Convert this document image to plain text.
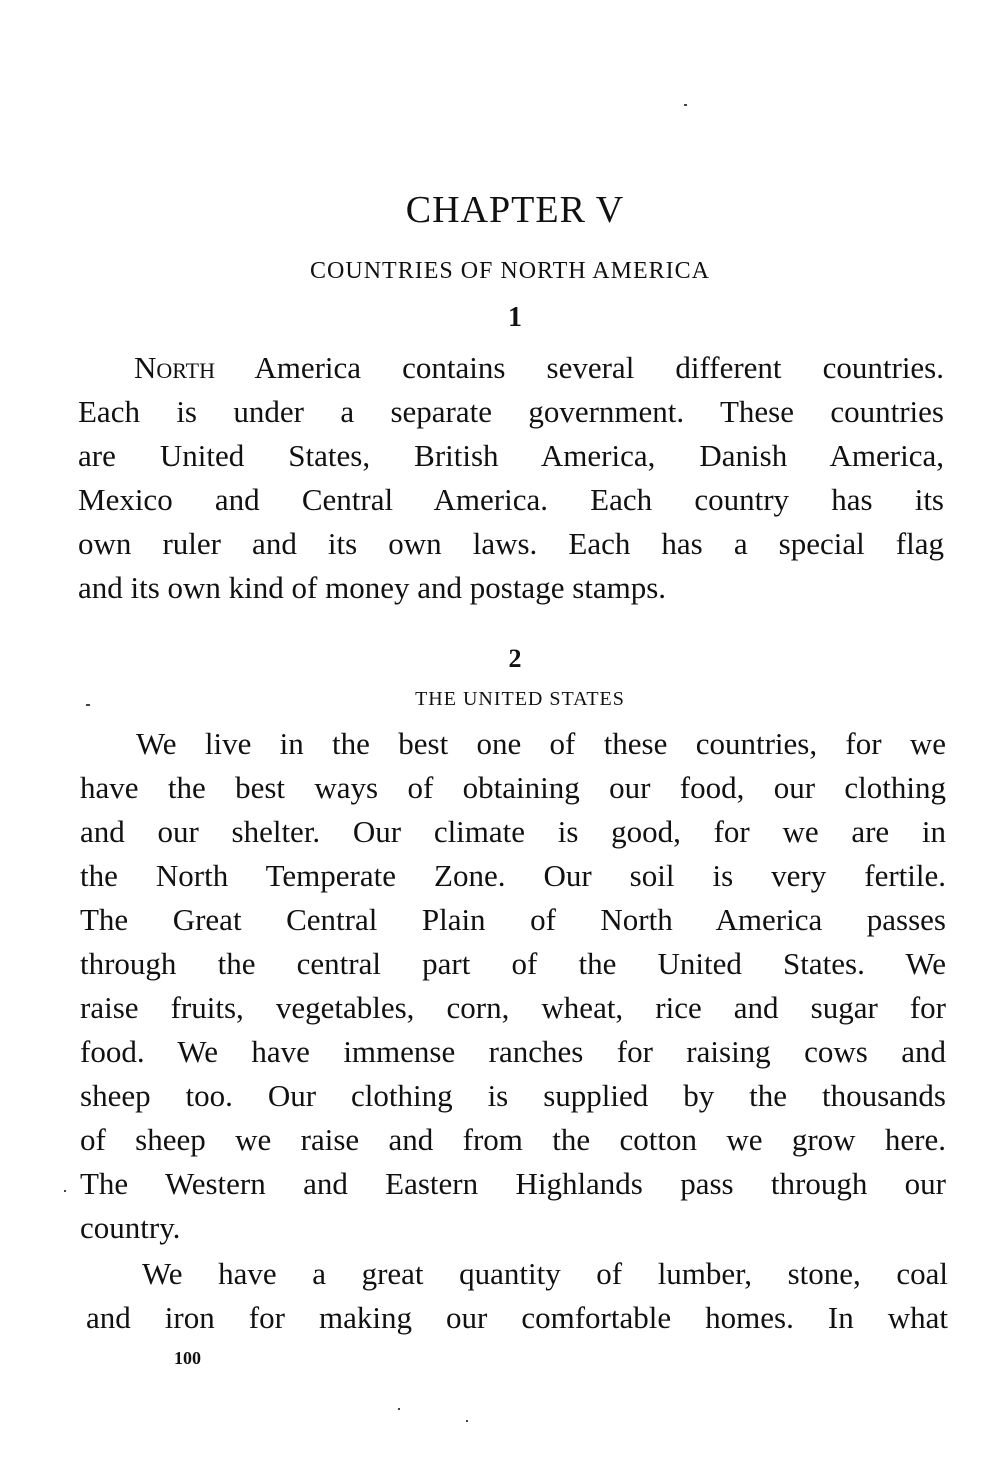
CHAPTER V
COUNTRIES OF NORTH AMERICA

1

North America contains several different countries.
Each is under a separate government. These countries
are United States, British America, Danish America,
Mexico and Central America. Each country has its
own ruler and its own laws. Each has a special flag
and its own kind of money and postage stamps.

2

THE UNITED STATES
We live in the best one of these countries, for we
have the best ways of obtaining our food, our clothing
and our shelter. Our climate is good, for we are in
the North Temperate Zone. Our soil is very fertile.
The Great Central Plain of North America passes
through the central part of the United States. We
raise fruits, vegetables, corn, wheat, rice and sugar for
food. We have immense ranches for raising cows and
sheep too. Our clothing is supplied by the thousands
of sheep we raise and from the cotton we grow here.
The Western and Eastern Highlands pass through our
country.
We have a great quantity of lumber, stone, coal
and iron for making our comfortable homes. In what

100
